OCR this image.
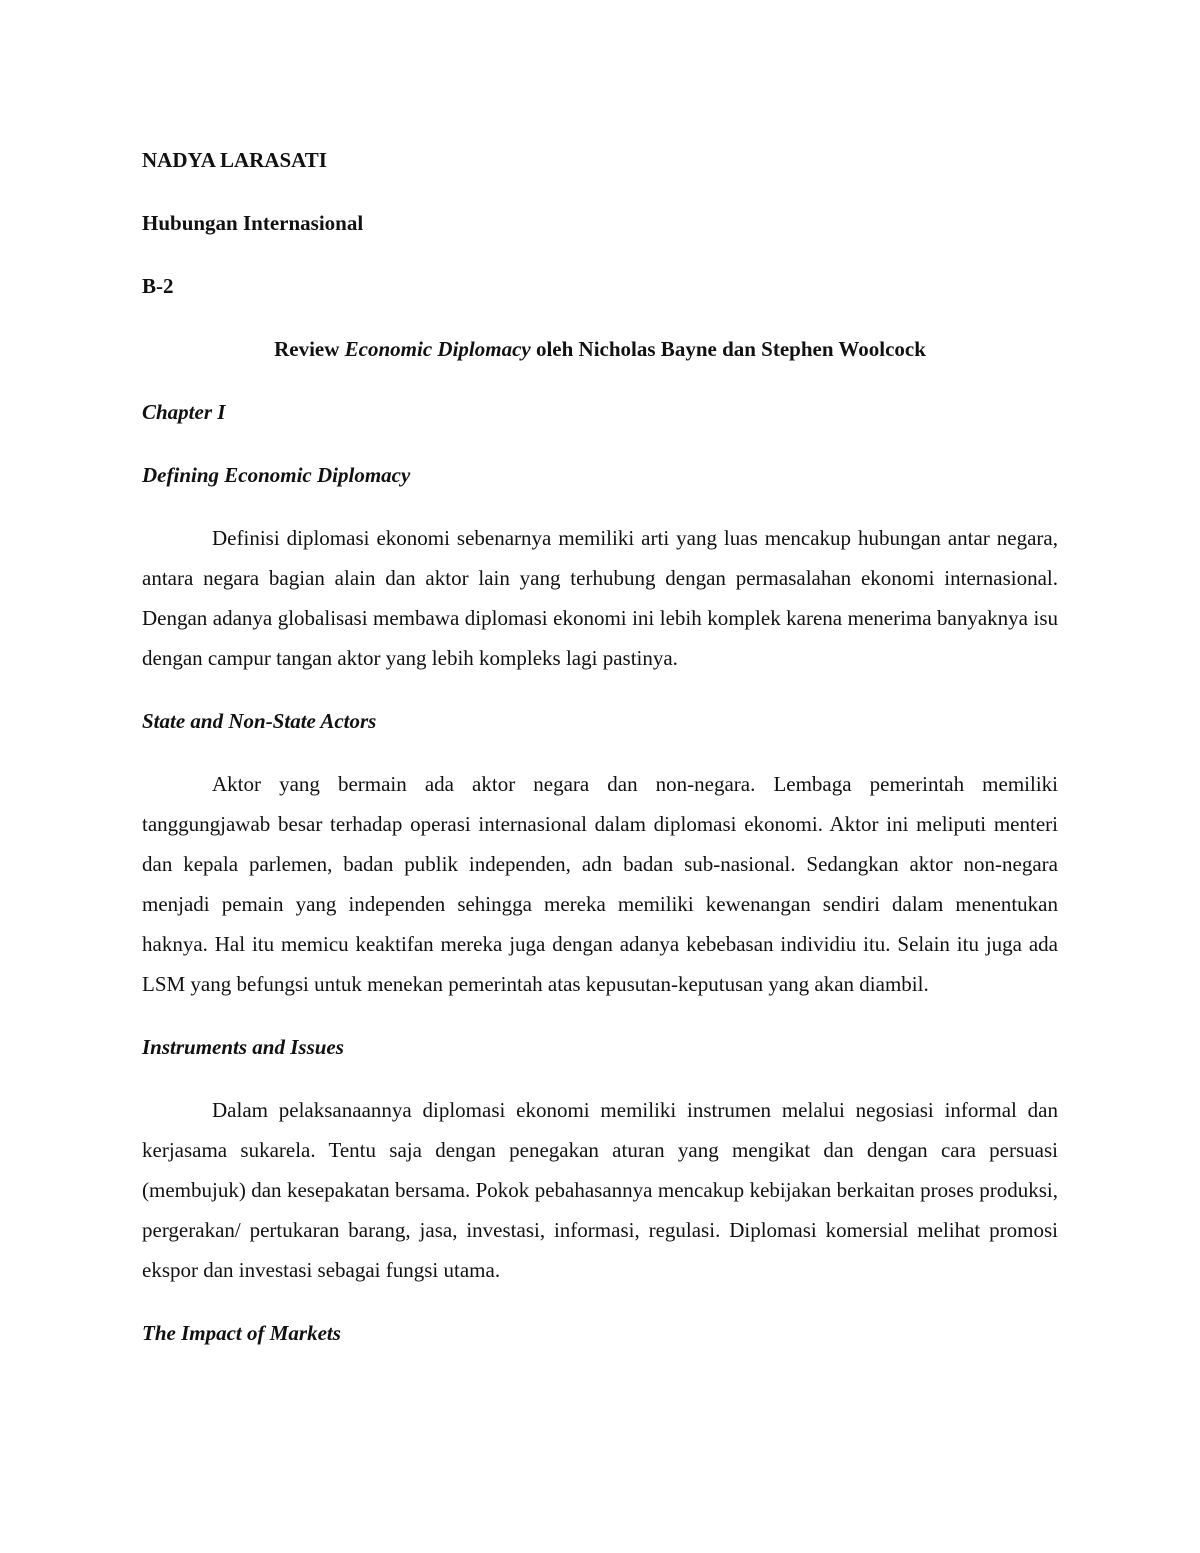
NADYA LARASATI
Hubungan Internasional
B-2
Review Economic Diplomacy oleh Nicholas Bayne dan Stephen Woolcock
Chapter I
Defining Economic Diplomacy

Definisi diplomasi ekonomi sebenarnya memiliki arti yang luas mencakup hubungan antar negara, antara negara bagian alain dan aktor lain yang terhubung dengan permasalahan ekonomi internasional. Dengan adanya globalisasi membawa diplomasi ekonomi ini lebih komplek karena menerima banyaknya isu dengan campur tangan aktor yang lebih kompleks lagi pastinya.

State and Non-State Actors

Aktor yang bermain ada aktor negara dan non-negara. Lembaga pemerintah memiliki tanggungjawab besar terhadap operasi internasional dalam diplomasi ekonomi. Aktor ini meliputi menteri dan kepala parlemen, badan publik independen, adn badan sub-nasional. Sedangkan aktor non-negara menjadi pemain yang independen sehingga mereka memiliki kewenangan sendiri dalam menentukan haknya. Hal itu memicu keaktifan mereka juga dengan adanya kebebasan individiu itu. Selain itu juga ada LSM yang befungsi untuk menekan pemerintah atas kepusutan-keputusan yang akan diambil.

Instruments and Issues

Dalam pelaksanaannya diplomasi ekonomi memiliki instrumen melalui negosiasi informal dan kerjasama sukarela. Tentu saja dengan penegakan aturan yang mengikat dan dengan cara persuasi (membujuk) dan kesepakatan bersama. Pokok pebahasannya mencakup kebijakan berkaitan proses produksi, pergerakan/ pertukaran barang, jasa, investasi, informasi, regulasi. Diplomasi komersial melihat promosi ekspor dan investasi sebagai fungsi utama.

The Impact of Markets
